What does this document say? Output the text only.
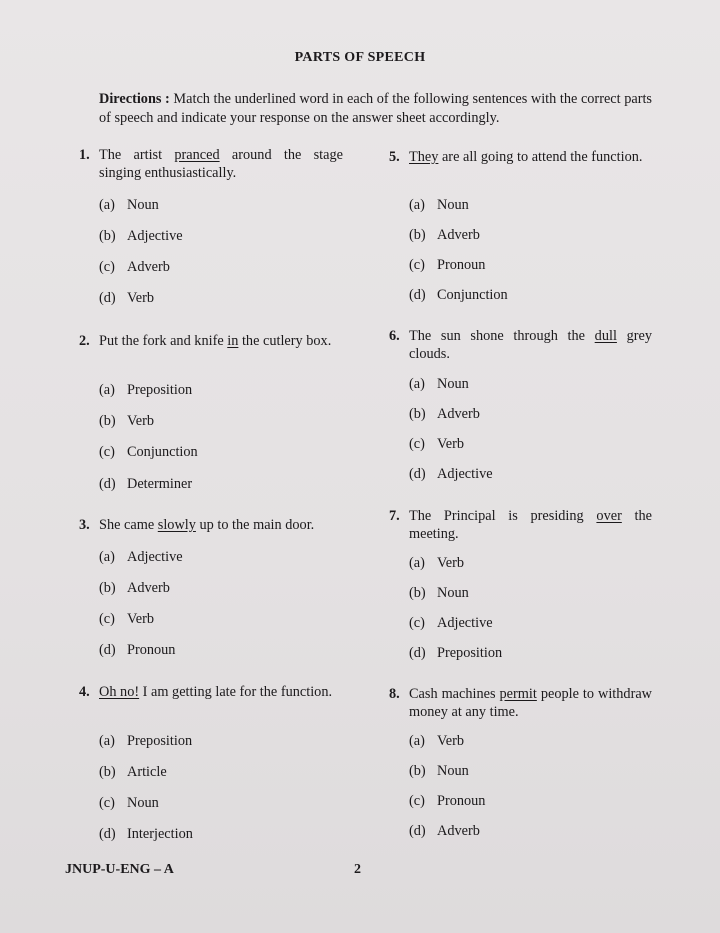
PARTS OF SPEECH
Directions : Match the underlined word in each of the following sentences with the correct parts of speech and indicate your response on the answer sheet accordingly.
1. The artist pranced around the stage singing enthusiastically.
(a) Noun
(b) Adjective
(c) Adverb
(d) Verb
2. Put the fork and knife in the cutlery box.
(a) Preposition
(b) Verb
(c) Conjunction
(d) Determiner
3. She came slowly up to the main door.
(a) Adjective
(b) Adverb
(c) Verb
(d) Pronoun
4. Oh no! I am getting late for the function.
(a) Preposition
(b) Article
(c) Noun
(d) Interjection
5. They are all going to attend the function.
(a) Noun
(b) Adverb
(c) Pronoun
(d) Conjunction
6. The sun shone through the dull grey clouds.
(a) Noun
(b) Adverb
(c) Verb
(d) Adjective
7. The Principal is presiding over the meeting.
(a) Verb
(b) Noun
(c) Adjective
(d) Preposition
8. Cash machines permit people to withdraw money at any time.
(a) Verb
(b) Noun
(c) Pronoun
(d) Adverb
JNUP-U-ENG – A	2
